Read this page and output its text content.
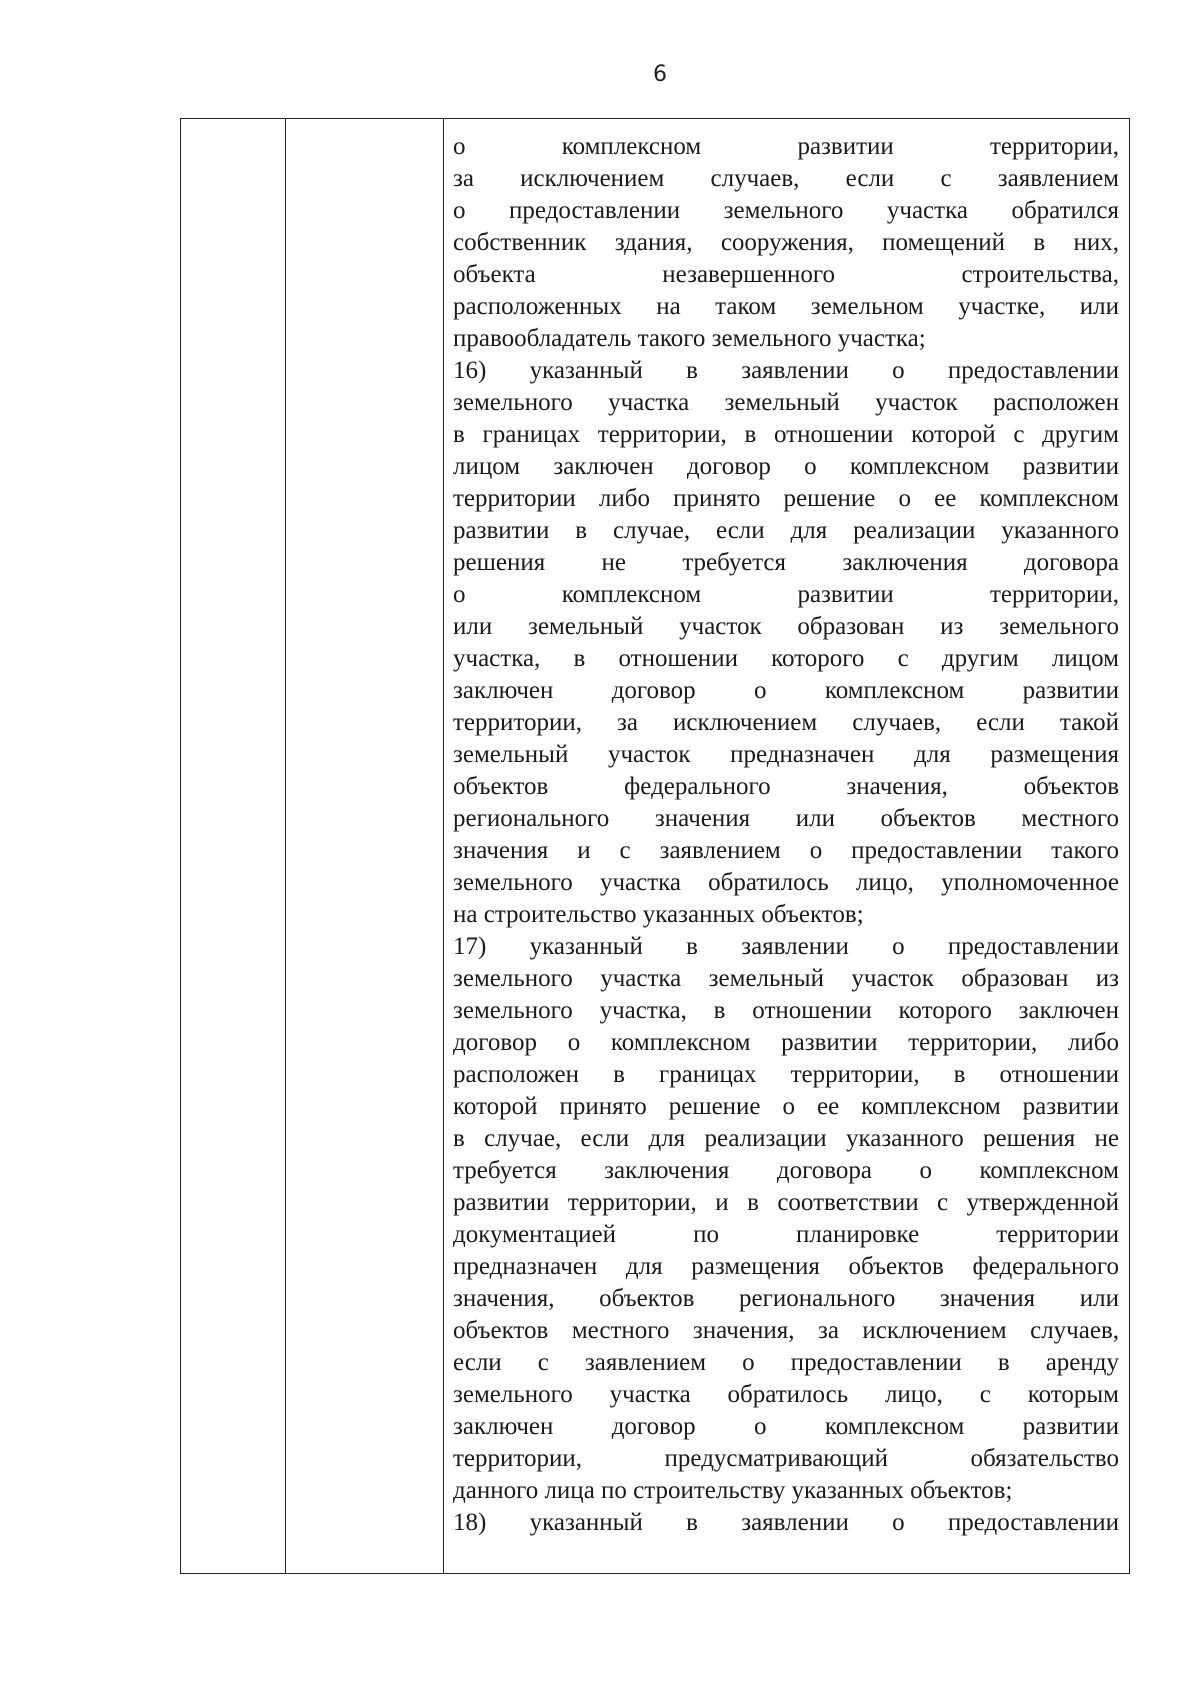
6
о комплексном развитии территории,
за исключением случаев, если с заявлением
о предоставлении земельного участка обратился
собственник здания, сооружения, помещений в них,
объекта незавершенного строительства,
расположенных на таком земельном участке, или
правообладатель такого земельного участка;
16) указанный в заявлении о предоставлении
земельного участка земельный участок расположен
в границах территории, в отношении которой с другим
лицом заключен договор о комплексном развитии
территории либо принято решение о ее комплексном
развитии в случае, если для реализации указанного
решения не требуется заключения договора
о комплексном развитии территории,
или земельный участок образован из земельного
участка, в отношении которого с другим лицом
заключен договор о комплексном развитии
территории, за исключением случаев, если такой
земельный участок предназначен для размещения
объектов федерального значения, объектов
регионального значения или объектов местного
значения и с заявлением о предоставлении такого
земельного участка обратилось лицо, уполномоченное
на строительство указанных объектов;
17) указанный в заявлении о предоставлении
земельного участка земельный участок образован из
земельного участка, в отношении которого заключен
договор о комплексном развитии территории, либо
расположен в границах территории, в отношении
которой принято решение о ее комплексном развитии
в случае, если для реализации указанного решения не
требуется заключения договора о комплексном
развитии территории, и в соответствии с утвержденной
документацией по планировке территории
предназначен для размещения объектов федерального
значения, объектов регионального значения или
объектов местного значения, за исключением случаев,
если с заявлением о предоставлении в аренду
земельного участка обратилось лицо, с которым
заключен договор о комплексном развитии
территории, предусматривающий обязательство
данного лица по строительству указанных объектов;
18) указанный в заявлении о предоставлении
